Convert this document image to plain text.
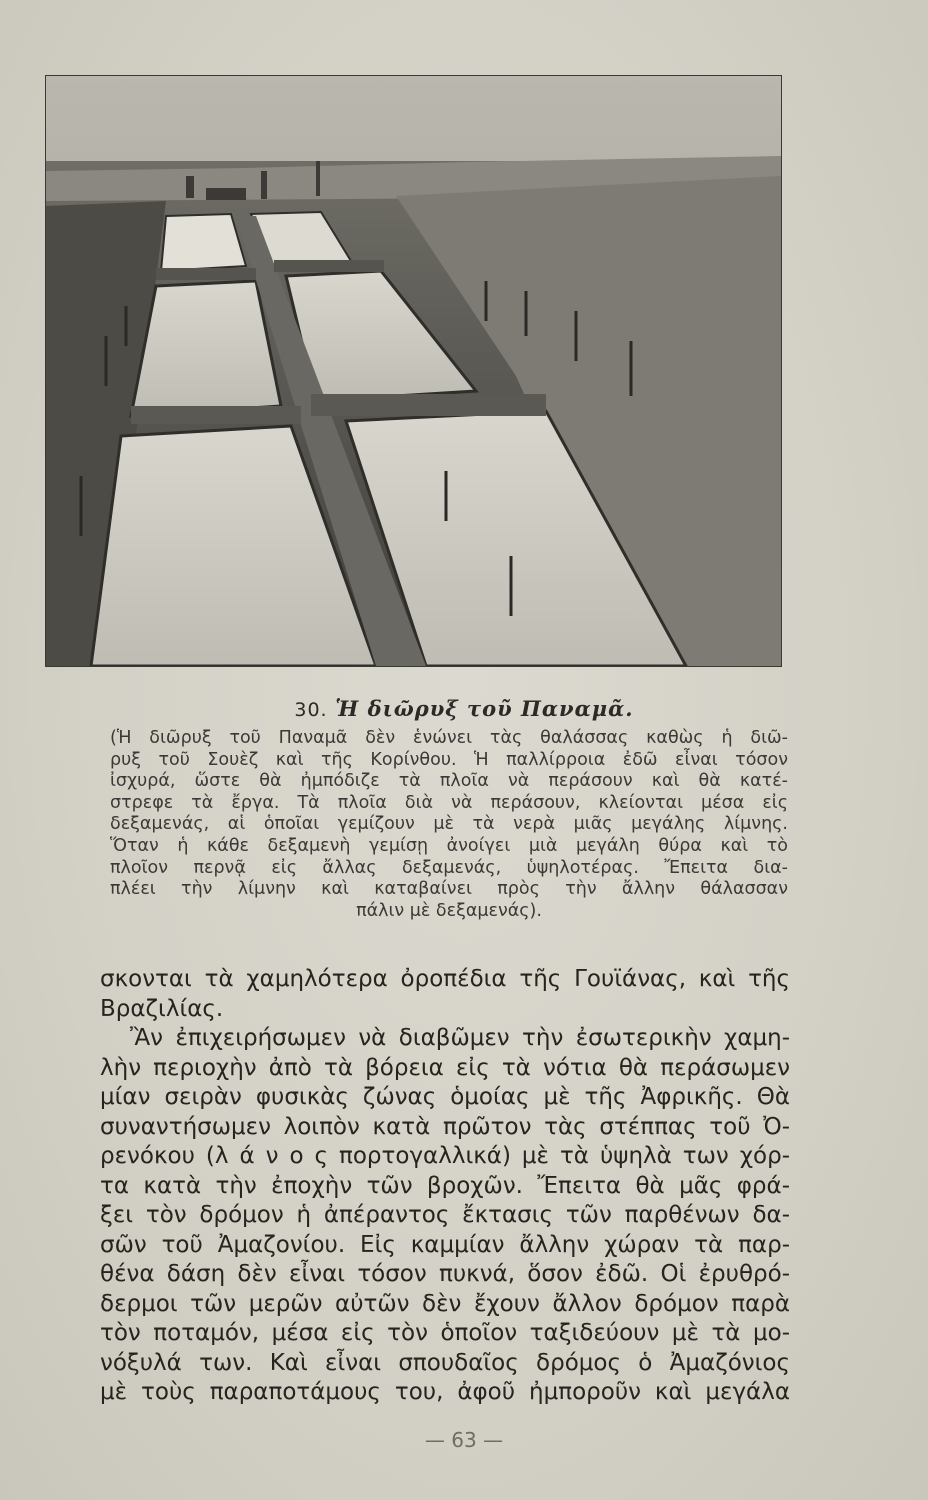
30. Ἡ διῶρυξ τοῦ Παναμᾶ.
(Ἡ διῶρυξ τοῦ Παναμᾶ δὲν ἑνώνει τὰς θαλάσσας καθὼς ἡ διῶ-
ρυξ τοῦ Σουὲζ καὶ τῆς Κορίνθου. Ἡ παλλίρροια ἐδῶ εἶναι τόσον
ἰσχυρά, ὥστε θὰ ἠμπόδιζε τὰ πλοῖα νὰ περάσουν καὶ θὰ κατέ-
στρεφε τὰ ἔργα. Τὰ πλοῖα διὰ νὰ περάσουν, κλείονται μέσα εἰς
δεξαμενάς, αἱ ὁποῖαι γεμίζουν μὲ τὰ νερὰ μιᾶς μεγάλης λίμνης.
Ὅταν ἡ κάθε δεξαμενὴ γεμίσῃ ἀνοίγει μιὰ μεγάλη θύρα καὶ τὸ
πλοῖον περνᾷ εἰς ἄλλας δεξαμενάς, ὑψηλοτέρας. Ἔπειτα δια-
πλέει τὴν λίμνην καὶ καταβαίνει πρὸς τὴν ἄλλην θάλασσαν
πάλιν μὲ δεξαμενάς).
σκονται τὰ χαμηλότερα ὀροπέδια τῆς Γουϊάνας, καὶ τῆς
Βραζιλίας.
Ἂν ἐπιχειρήσωμεν νὰ διαβῶμεν τὴν ἐσωτερικὴν χαμη-
λὴν περιοχὴν ἀπὸ τὰ βόρεια εἰς τὰ νότια θὰ περάσωμεν
μίαν σειρὰν φυσικὰς ζώνας ὁμοίας μὲ τῆς Ἀφρικῆς. Θὰ
συναντήσωμεν λοιπὸν κατὰ πρῶτον τὰς στέππας τοῦ Ὀ-
ρενόκου (λ ά ν ο ς πορτογαλλικά) μὲ τὰ ὑψηλὰ των χόρ-
τα κατὰ τὴν ἐποχὴν τῶν βροχῶν. Ἔπειτα θὰ μᾶς φρά-
ξει τὸν δρόμον ἡ ἀπέραντος ἔκτασις τῶν παρθένων δα-
σῶν τοῦ Ἀμαζονίου. Εἰς καμμίαν ἄλλην χώραν τὰ παρ-
θένα δάση δὲν εἶναι τόσον πυκνά, ὅσον ἐδῶ. Οἱ ἐρυθρό-
δερμοι τῶν μερῶν αὐτῶν δὲν ἔχουν ἄλλον δρόμον παρὰ
τὸν ποταμόν, μέσα εἰς τὸν ὁποῖον ταξιδεύουν μὲ τὰ μο-
νόξυλά των. Καὶ εἶναι σπουδαῖος δρόμος ὁ Ἀμαζόνιος
μὲ τοὺς παραποτάμους του, ἀφοῦ ἠμποροῦν καὶ μεγάλα
— 63 —
